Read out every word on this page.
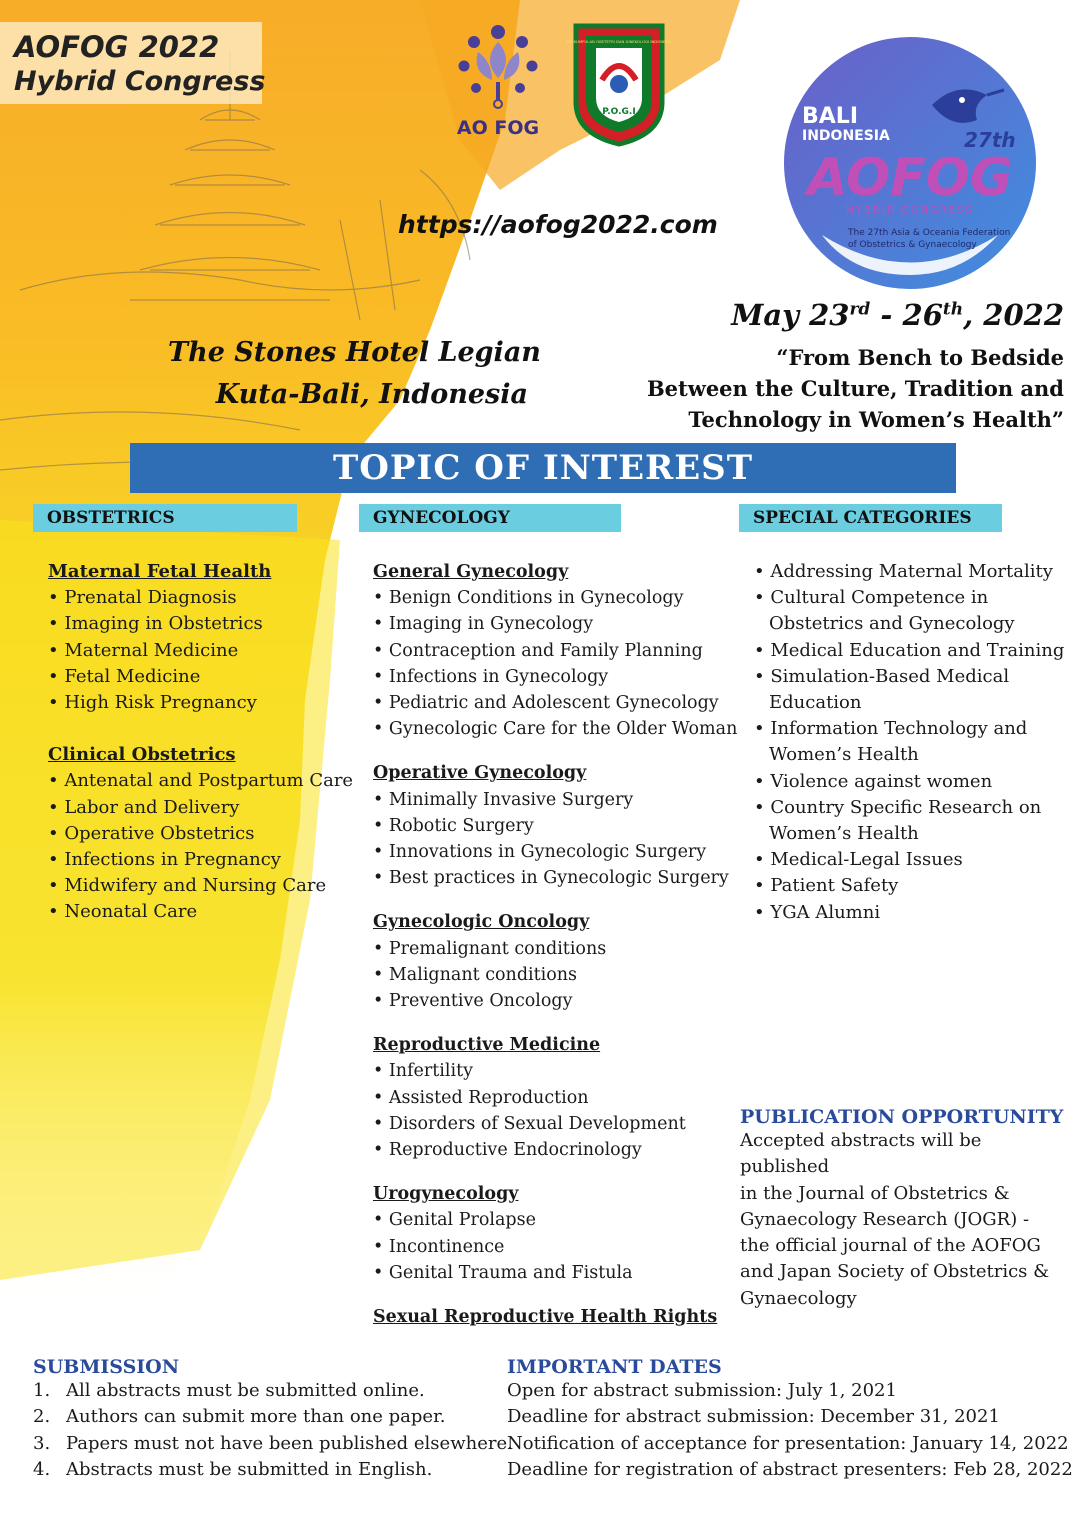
AOFOG 2022
Hybrid Congress
AO FOG
P.O.G.I
PERKUMPULAN OBSTETRI DAN GINEKOLOGI INDONESIA
BALI
INDONESIA	27th
AOFOG
HYBRID CONGRESS
The 27th Asia & Oceania Federation
of Obstetrics & Gynaecology
https://aofog2022.com
May 23rd - 26th, 2022
“From Bench to Bedside
Between the Culture, Tradition and
Technology in Women’s Health”
The Stones Hotel Legian
Kuta-Bali, Indonesia
TOPIC OF INTEREST
OBSTETRICS	GYNECOLOGY	SPECIAL CATEGORIES
Maternal Fetal Health
• Prenatal Diagnosis
• Imaging in Obstetrics
• Maternal Medicine
• Fetal Medicine
• High Risk Pregnancy
Clinical Obstetrics
• Antenatal and Postpartum Care
• Labor and Delivery
• Operative Obstetrics
• Infections in Pregnancy
• Midwifery and Nursing Care
• Neonatal Care
General Gynecology
• Benign Conditions in Gynecology
• Imaging in Gynecology
• Contraception and Family Planning
• Infections in Gynecology
• Pediatric and Adolescent Gynecology
• Gynecologic Care for the Older Woman
Operative Gynecology
• Minimally Invasive Surgery
• Robotic Surgery
• Innovations in Gynecologic Surgery
• Best practices in Gynecologic Surgery
Gynecologic Oncology
• Premalignant conditions
• Malignant conditions
• Preventive Oncology
Reproductive Medicine
• Infertility
• Assisted Reproduction
• Disorders of Sexual Development
• Reproductive Endocrinology
Urogynecology
• Genital Prolapse
• Incontinence
• Genital Trauma and Fistula
Sexual Reproductive Health Rights
• Addressing Maternal Mortality
• Cultural Competence in
Obstetrics and Gynecology
• Medical Education and Training
• Simulation-Based Medical
Education
• Information Technology and
Women’s Health
• Violence against women
• Country Specific Research on
Women’s Health
• Medical-Legal Issues
• Patient Safety
• YGA Alumni
PUBLICATION OPPORTUNITY
Accepted abstracts will be published
in the Journal of Obstetrics &
Gynaecology Research (JOGR) -
the official journal of the AOFOG
and Japan Society of Obstetrics &
Gynaecology
SUBMISSION
1. All abstracts must be submitted online.
2. Authors can submit more than one paper.
3. Papers must not have been published elsewhere.
4. Abstracts must be submitted in English.
IMPORTANT DATES
Open for abstract submission: July 1, 2021
Deadline for abstract submission: December 31, 2021
Notification of acceptance for presentation: January 14, 2022
Deadline for registration of abstract presenters: Feb 28, 2022
